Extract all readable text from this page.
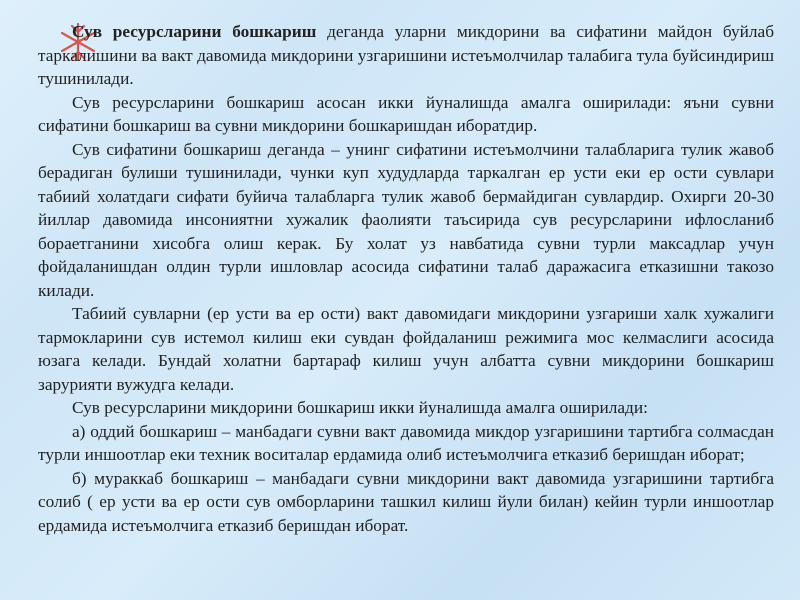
Сув ресурсларини бошкариш деганда уларни микдорини ва сифатини майдон буйлаб таркалишини ва вакт давомида микдорини узгаришини истеъмолчилар талабига тула буйсиндириш тушинилади.

Сув ресурсларини бошкариш асосан икки йуналишда амалга оширилади: яъни сувни сифатини бошкариш ва сувни микдорини бошкаришдан иборатдир.

Сув сифатини бошкариш деганда – унинг сифатини истеъмолчини талабларига тулик жавоб берадиган булиши тушинилади, чунки куп худудларда таркалган ер усти еки ер ости сувлари табиий холатдаги сифати буйича талабларга тулик жавоб бермайдиган сувлардир. Охирги 20-30 йиллар давомида инсониятни хужалик фаолияти таъсирида сув ресурсларини ифлосланиб бораетганини хисобга олиш керак. Бу холат уз навбатида сувни турли максадлар учун фойдаланишдан олдин турли ишловлар асосида сифатини талаб даражасига етказишни такозо килади.

Табиий сувларни (ер усти ва ер ости) вакт давомидаги микдорини узгариши халк хужалиги тармокларини сув истемол килиш еки сувдан фойдаланиш режимига мос келмаслиги асосида юзага келади. Бундай холатни бартараф килиш учун албатта сувни микдорини бошкариш зарурияти вужудга келади.

Сув ресурсларини микдорини бошкариш икки йуналишда амалга оширилади:

а) оддий бошкариш – манбадаги сувни вакт давомида микдор узгаришини тартибга солмасдан турли иншоотлар еки техник воситалар ердамида олиб истеъмолчига етказиб беришдан иборат;

б) мураккаб бошкариш – манбадаги сувни микдорини вакт давомида узгаришини тартибга солиб ( ер усти ва ер ости сув омборларини ташкил килиш йули билан) кейин турли иншоотлар ердамида истеъмолчига етказиб беришдан иборат.
